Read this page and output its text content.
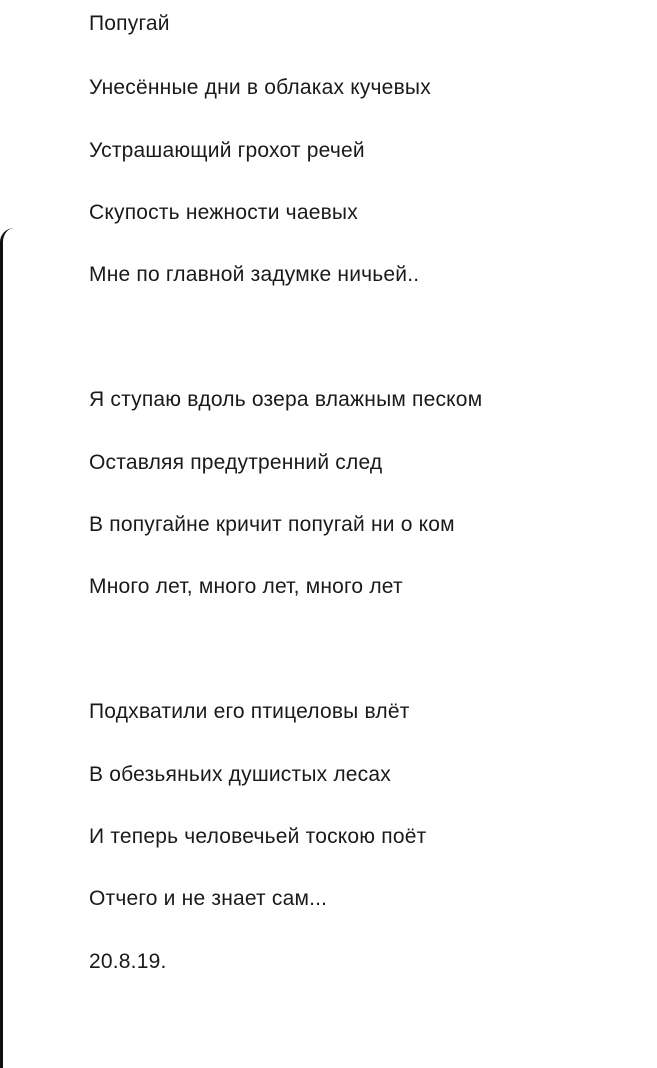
Попугай
Унесённые дни в облаках кучевых
Устрашающий грохот речей
Скупость нежности чаевых
Мне по главной задумке ничьей..
Я ступаю вдоль озера влажным песком
Оставляя предутренний след
В попугайне кричит попугай ни о ком
Много лет, много лет, много лет
Подхватили его птицеловы влёт
В обезьяньих душистых лесах
И теперь человечьей тоскою поёт
Отчего и не знает сам...
20.8.19.
